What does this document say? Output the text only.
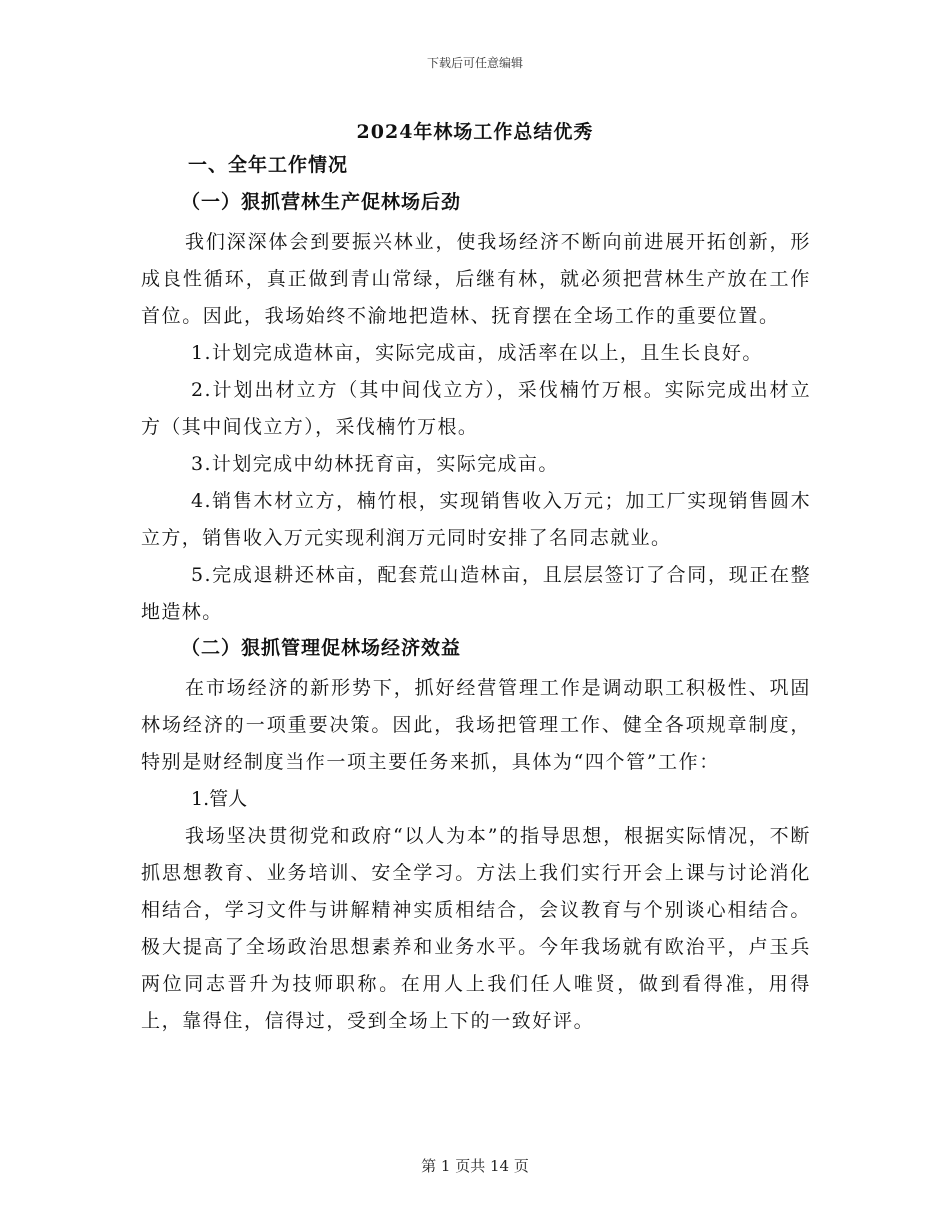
下载后可任意编辑
2024年林场工作总结优秀
一、全年工作情况
（一）狠抓营林生产促林场后劲

我们深深体会到要振兴林业，使我场经济不断向前进展开拓创新，形成良性循环，真正做到青山常绿，后继有林，就必须把营林生产放在工作首位。因此，我场始终不渝地把造林、抚育摆在全场工作的重要位置。

1.计划完成造林亩，实际完成亩，成活率在以上，且生长良好。

2.计划出材立方（其中间伐立方），采伐楠竹万根。实际完成出材立方（其中间伐立方），采伐楠竹万根。

3.计划完成中幼林抚育亩，实际完成亩。

4.销售木材立方，楠竹根，实现销售收入万元；加工厂实现销售圆木立方，销售收入万元实现利润万元同时安排了名同志就业。

5.完成退耕还林亩，配套荒山造林亩，且层层签订了合同，现正在整地造林。

（二）狠抓管理促林场经济效益

在市场经济的新形势下，抓好经营管理工作是调动职工积极性、巩固林场经济的一项重要决策。因此，我场把管理工作、健全各项规章制度，特别是财经制度当作一项主要任务来抓，具体为“四个管”工作：

1.管人

我场坚决贯彻党和政府“以人为本”的指导思想，根据实际情况，不断抓思想教育、业务培训、安全学习。方法上我们实行开会上课与讨论消化相结合，学习文件与讲解精神实质相结合，会议教育与个别谈心相结合。极大提高了全场政治思想素养和业务水平。今年我场就有欧治平，卢玉兵两位同志晋升为技师职称。在用人上我们任人唯贤，做到看得准，用得上，靠得住，信得过，受到全场上下的一致好评。

第 1 页共 14 页
